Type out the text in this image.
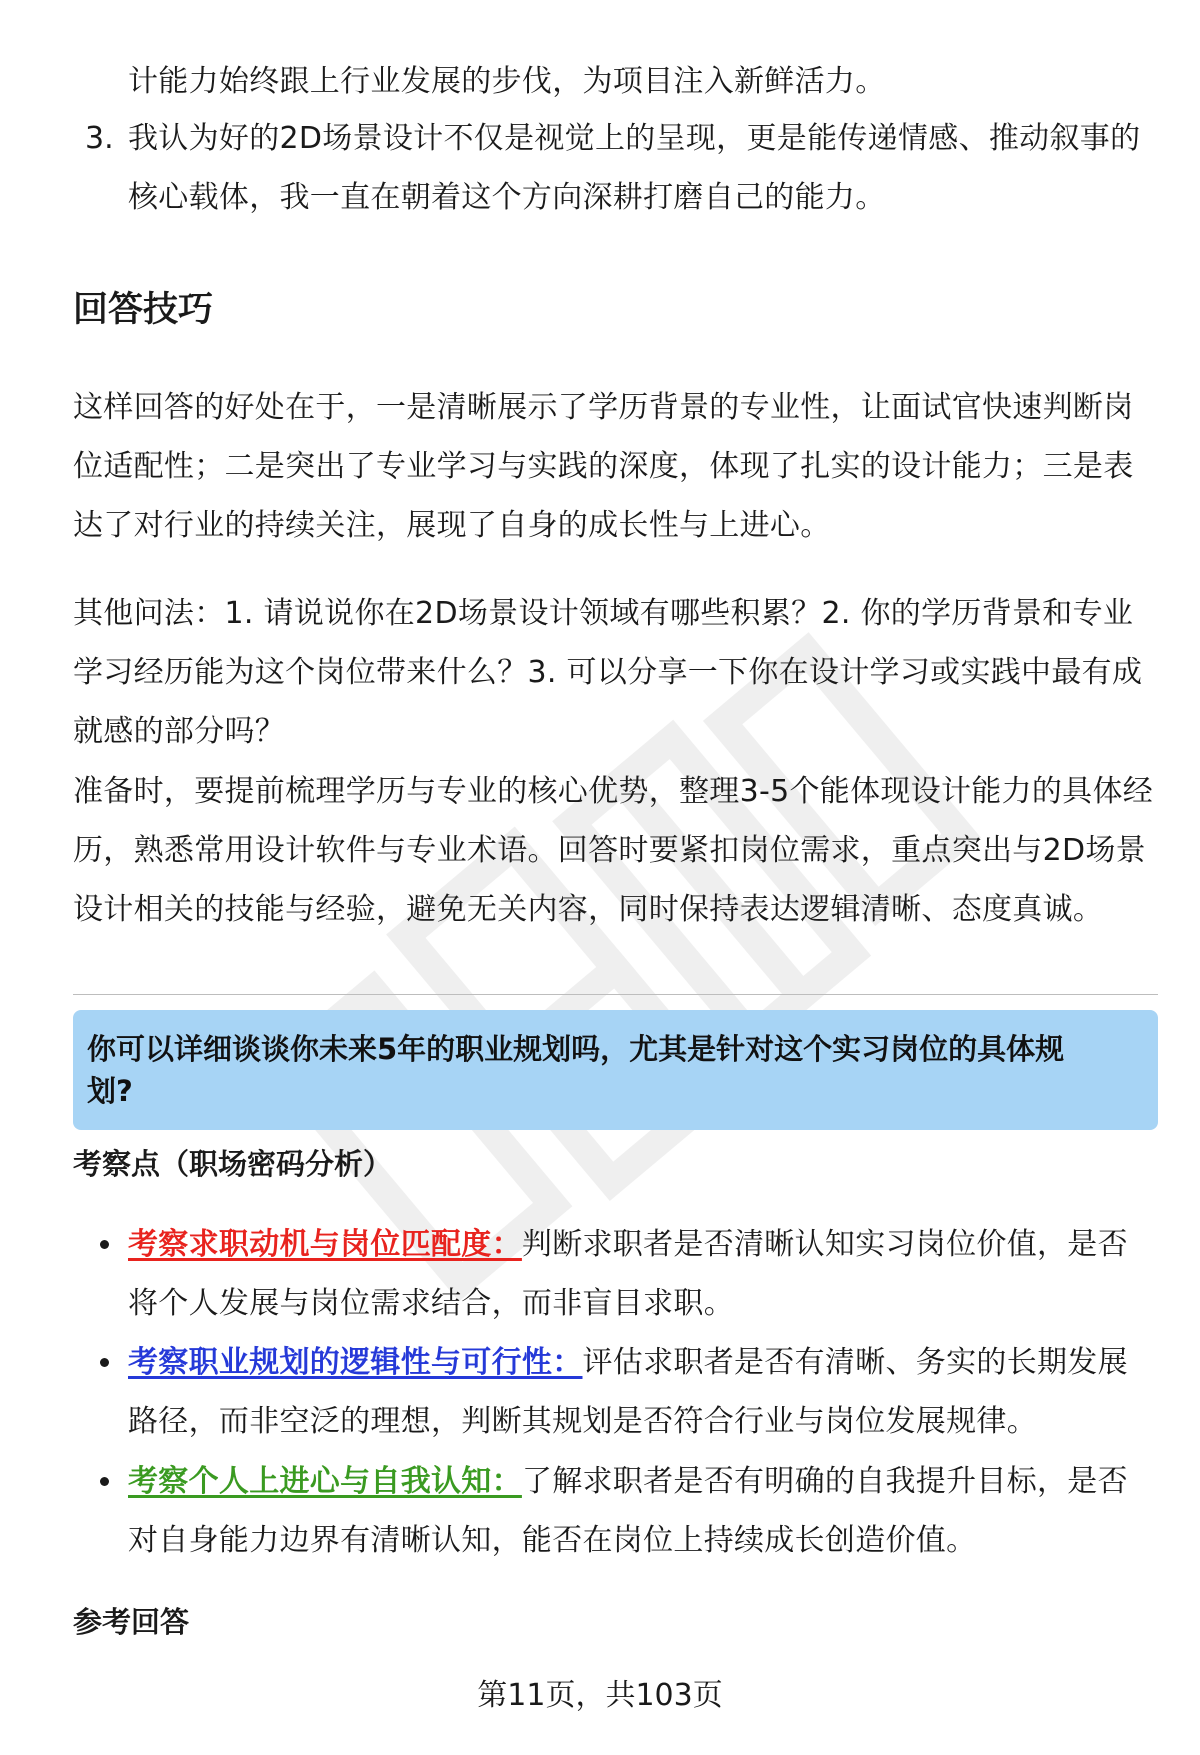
计能力始终跟上行业发展的步伐，为项目注入新鲜活力。
3. 我认为好的2D场景设计不仅是视觉上的呈现，更是能传递情感、推动叙事的核心载体，我一直在朝着这个方向深耕打磨自己的能力。
回答技巧
这样回答的好处在于，一是清晰展示了学历背景的专业性，让面试官快速判断岗位适配性；二是突出了专业学习与实践的深度，体现了扎实的设计能力；三是表达了对行业的持续关注，展现了自身的成长性与上进心。
其他问法：1. 请说说你在2D场景设计领域有哪些积累？2. 你的学历背景和专业学习经历能为这个岗位带来什么？3. 可以分享一下你在设计学习或实践中最有成就感的部分吗？
准备时，要提前梳理学历与专业的核心优势，整理3-5个能体现设计能力的具体经历，熟悉常用设计软件与专业术语。回答时要紧扣岗位需求，重点突出与2D场景设计相关的技能与经验，避免无关内容，同时保持表达逻辑清晰、态度真诚。
你可以详细谈谈你未来5年的职业规划吗，尤其是针对这个实习岗位的具体规划?
考察点（职场密码分析）
考察求职动机与岗位匹配度：判断求职者是否清晰认知实习岗位价值，是否将个人发展与岗位需求结合，而非盲目求职。
考察职业规划的逻辑性与可行性：评估求职者是否有清晰、务实的长期发展路径，而非空泛的理想，判断其规划是否符合行业与岗位发展规律。
考察个人上进心与自我认知：了解求职者是否有明确的自我提升目标，是否对自身能力边界有清晰认知，能否在岗位上持续成长创造价值。
参考回答
第11页，共103页
